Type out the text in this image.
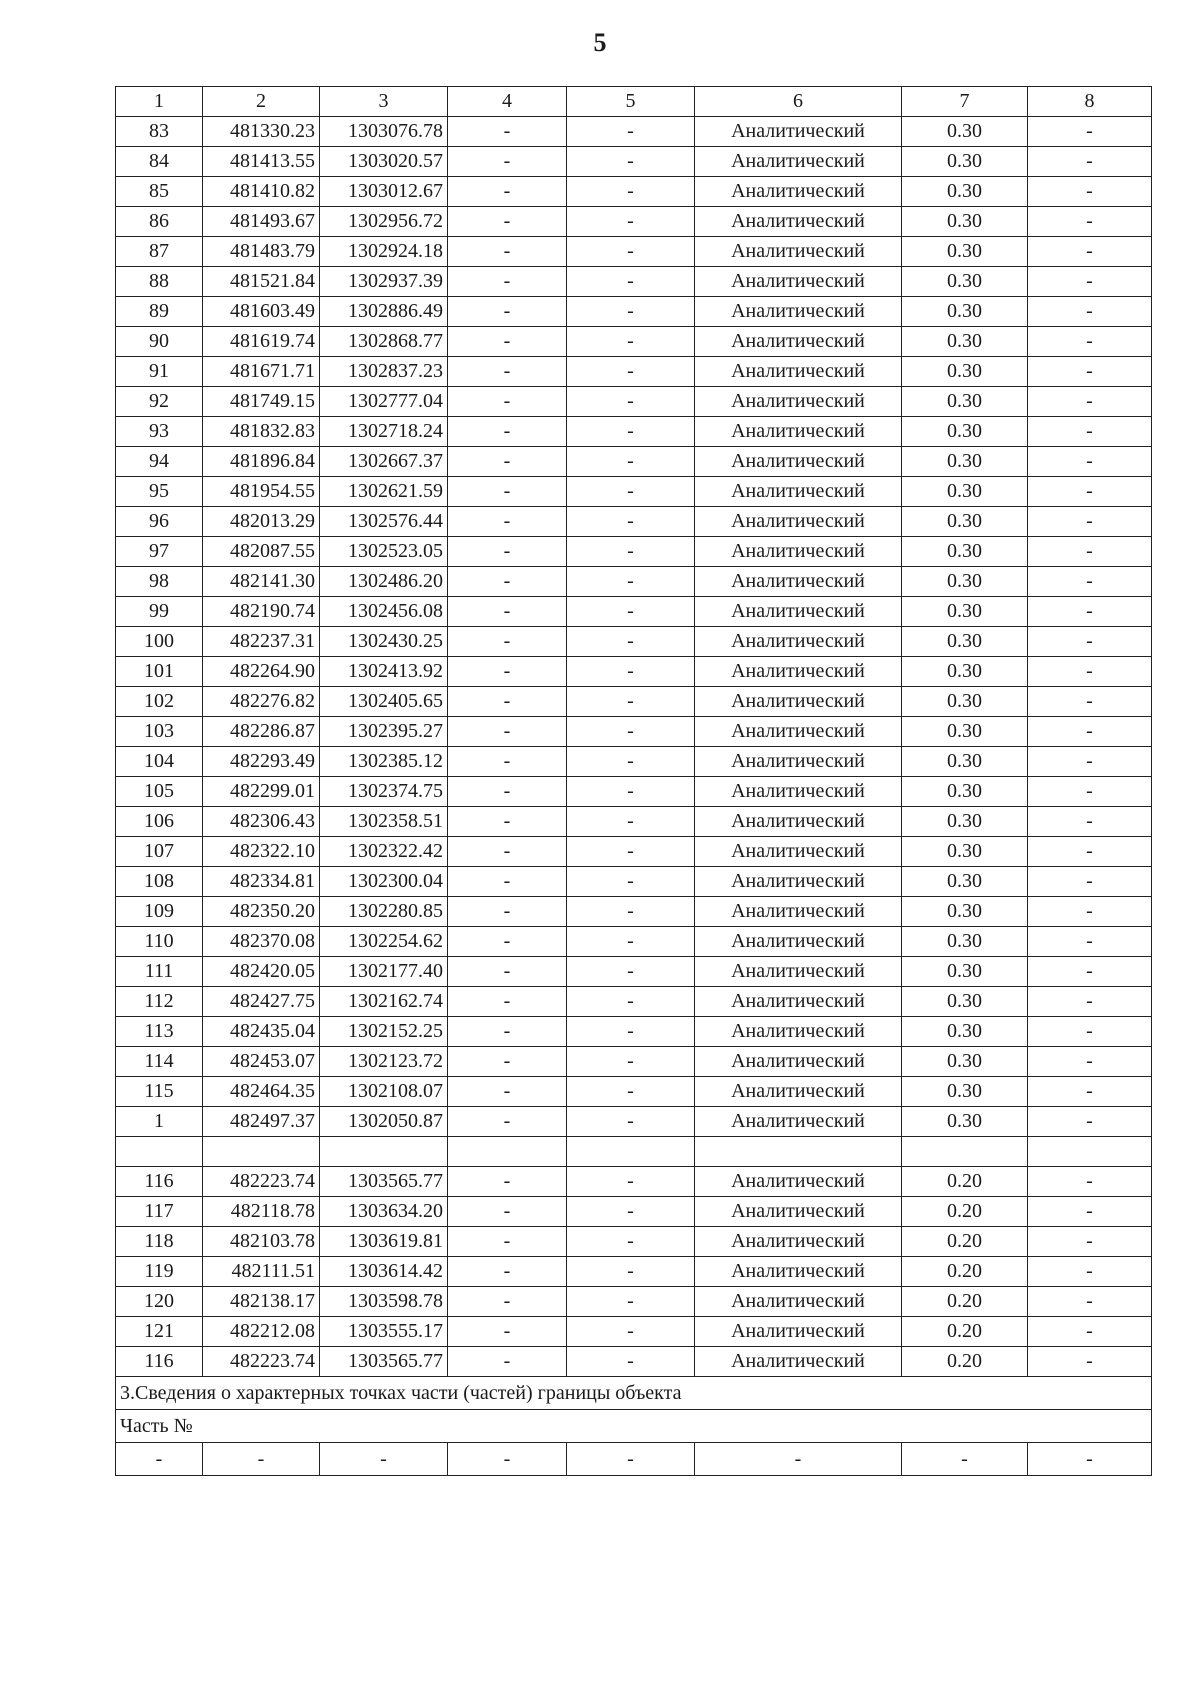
5
1	2	3	4	5	6	7	8
83	481330.23	1303076.78	-	-	Аналитический	0.30	-
84	481413.55	1303020.57	-	-	Аналитический	0.30	-
85	481410.82	1303012.67	-	-	Аналитический	0.30	-
86	481493.67	1302956.72	-	-	Аналитический	0.30	-
87	481483.79	1302924.18	-	-	Аналитический	0.30	-
88	481521.84	1302937.39	-	-	Аналитический	0.30	-
89	481603.49	1302886.49	-	-	Аналитический	0.30	-
90	481619.74	1302868.77	-	-	Аналитический	0.30	-
91	481671.71	1302837.23	-	-	Аналитический	0.30	-
92	481749.15	1302777.04	-	-	Аналитический	0.30	-
93	481832.83	1302718.24	-	-	Аналитический	0.30	-
94	481896.84	1302667.37	-	-	Аналитический	0.30	-
95	481954.55	1302621.59	-	-	Аналитический	0.30	-
96	482013.29	1302576.44	-	-	Аналитический	0.30	-
97	482087.55	1302523.05	-	-	Аналитический	0.30	-
98	482141.30	1302486.20	-	-	Аналитический	0.30	-
99	482190.74	1302456.08	-	-	Аналитический	0.30	-
100	482237.31	1302430.25	-	-	Аналитический	0.30	-
101	482264.90	1302413.92	-	-	Аналитический	0.30	-
102	482276.82	1302405.65	-	-	Аналитический	0.30	-
103	482286.87	1302395.27	-	-	Аналитический	0.30	-
104	482293.49	1302385.12	-	-	Аналитический	0.30	-
105	482299.01	1302374.75	-	-	Аналитический	0.30	-
106	482306.43	1302358.51	-	-	Аналитический	0.30	-
107	482322.10	1302322.42	-	-	Аналитический	0.30	-
108	482334.81	1302300.04	-	-	Аналитический	0.30	-
109	482350.20	1302280.85	-	-	Аналитический	0.30	-
110	482370.08	1302254.62	-	-	Аналитический	0.30	-
111	482420.05	1302177.40	-	-	Аналитический	0.30	-
112	482427.75	1302162.74	-	-	Аналитический	0.30	-
113	482435.04	1302152.25	-	-	Аналитический	0.30	-
114	482453.07	1302123.72	-	-	Аналитический	0.30	-
115	482464.35	1302108.07	-	-	Аналитический	0.30	-
1	482497.37	1302050.87	-	-	Аналитический	0.30	-

116	482223.74	1303565.77	-	-	Аналитический	0.20	-
117	482118.78	1303634.20	-	-	Аналитический	0.20	-
118	482103.78	1303619.81	-	-	Аналитический	0.20	-
119	482111.51	1303614.42	-	-	Аналитический	0.20	-
120	482138.17	1303598.78	-	-	Аналитический	0.20	-
121	482212.08	1303555.17	-	-	Аналитический	0.20	-
116	482223.74	1303565.77	-	-	Аналитический	0.20	-
3.Сведения о характерных точках части (частей) границы объекта							
Часть №							
-	-	-	-	-	-	-	-
